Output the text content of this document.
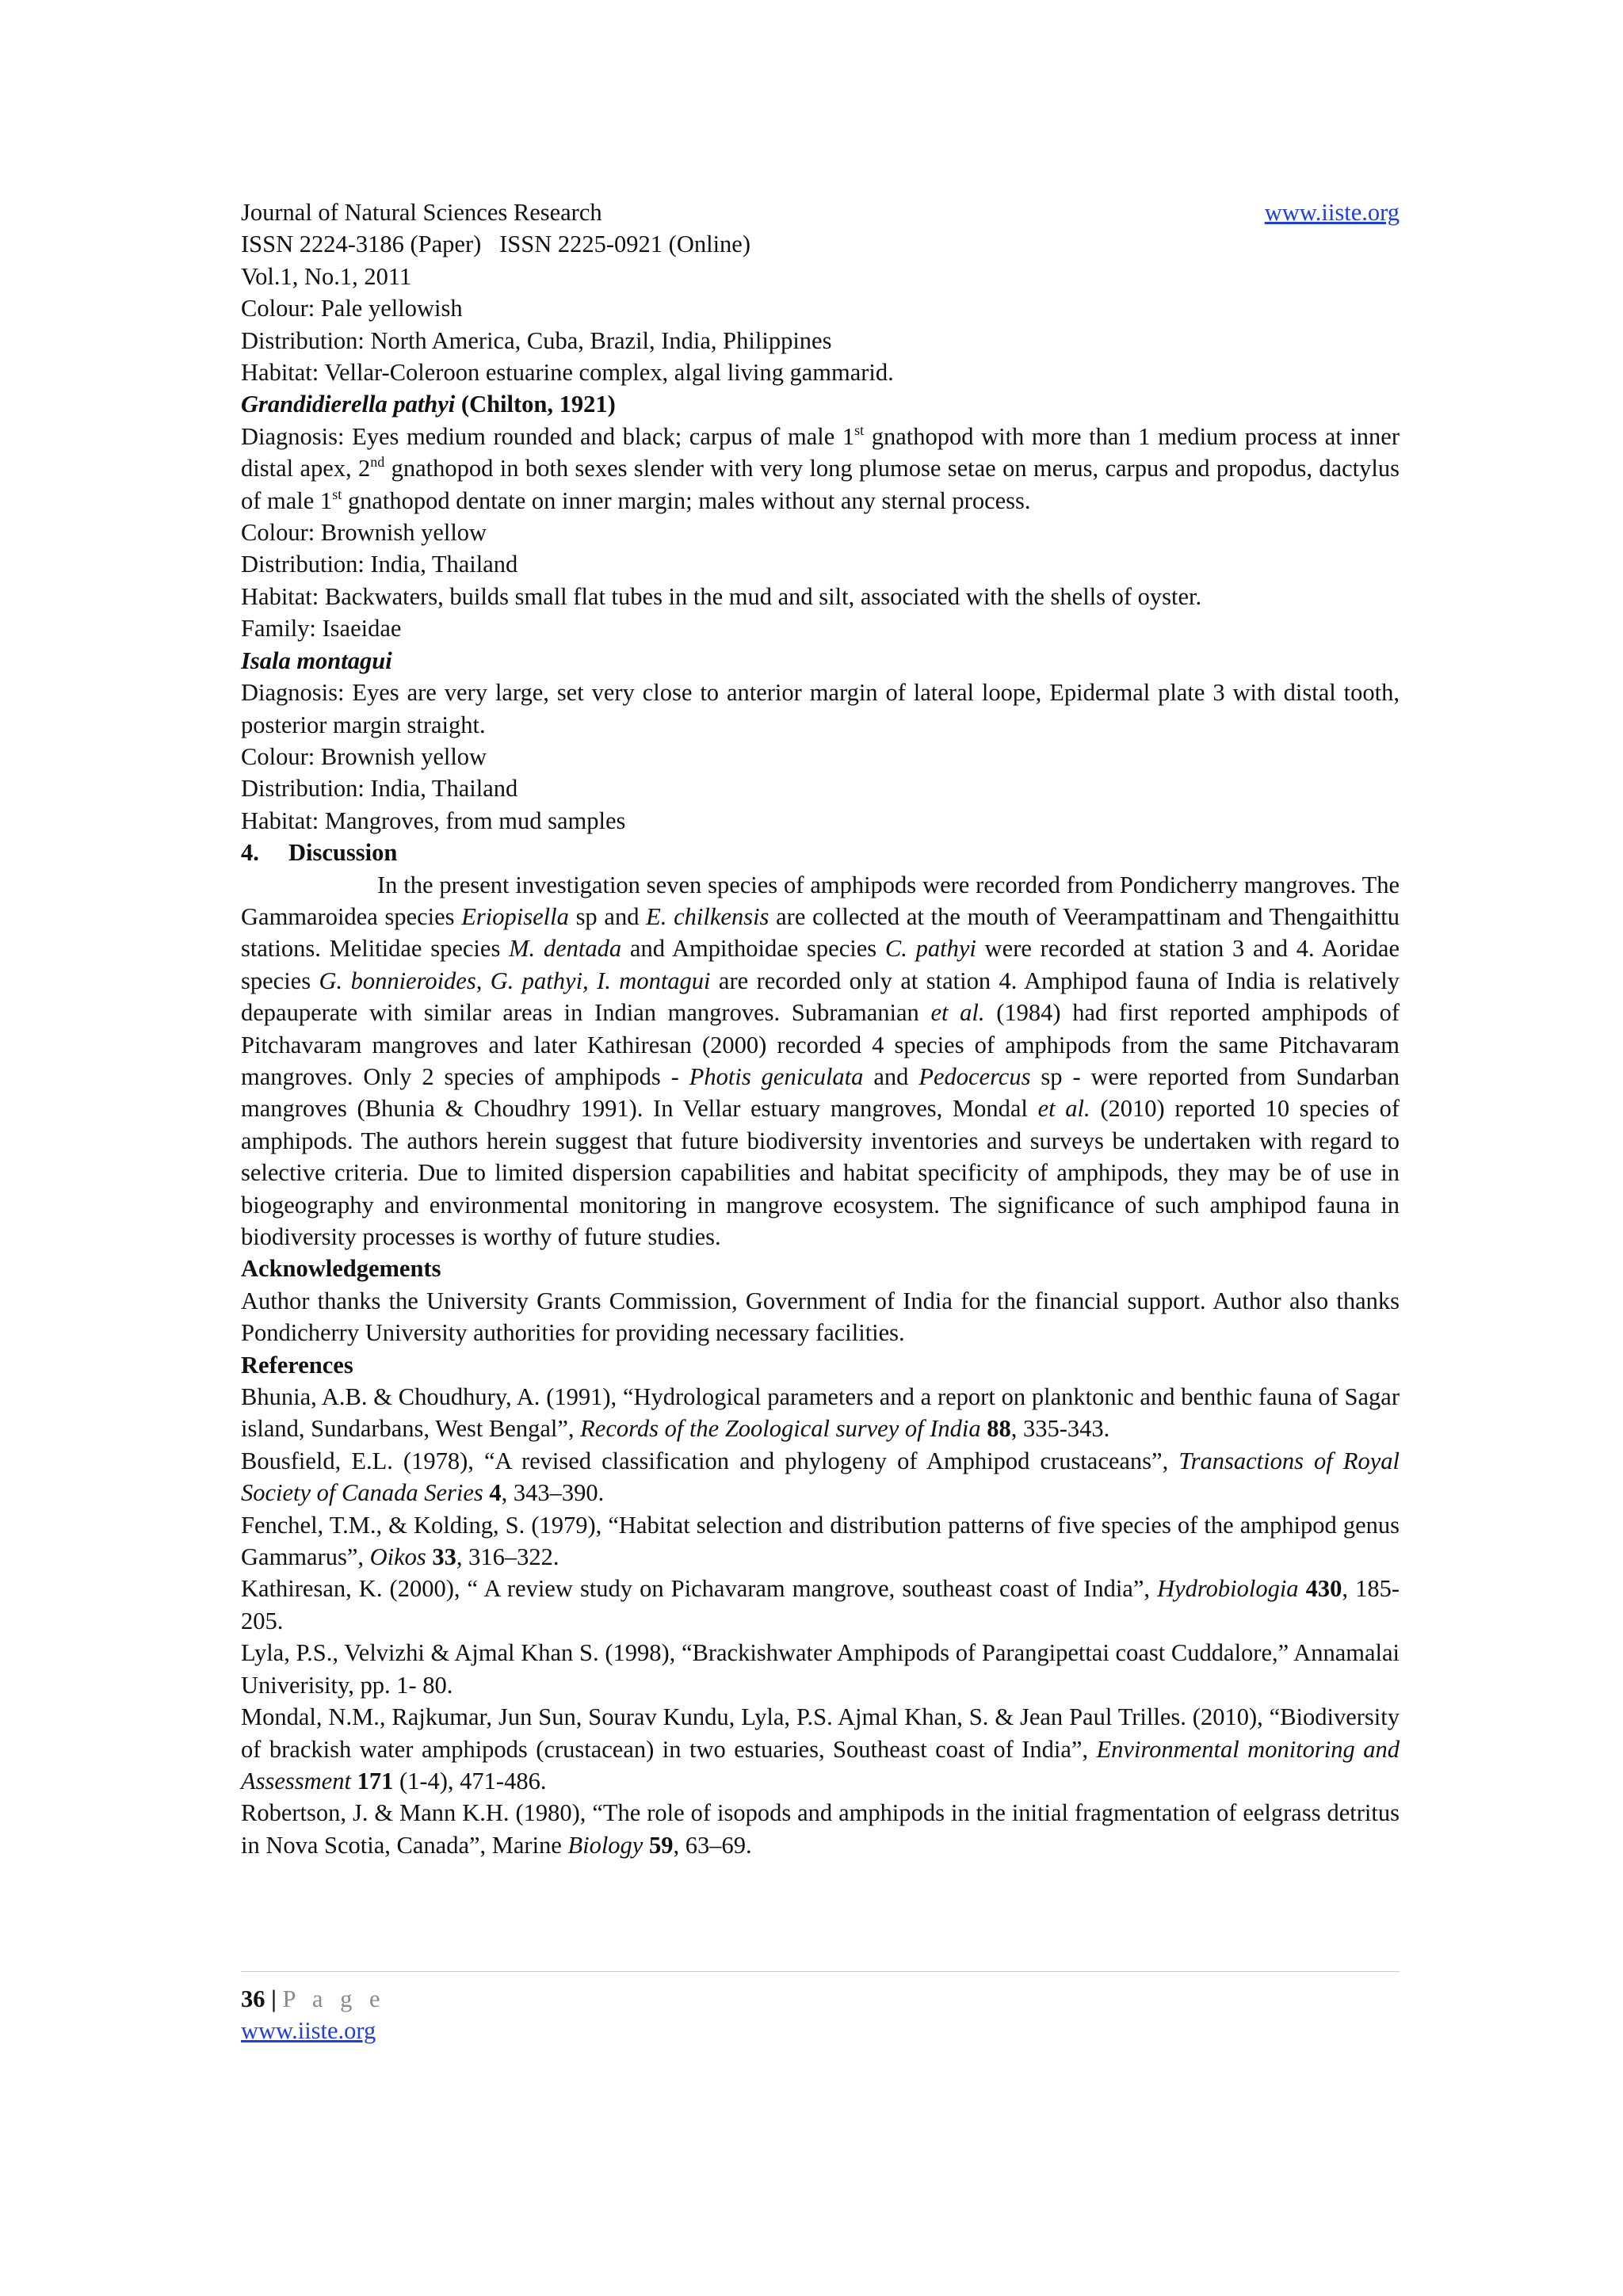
Journal of Natural Sciences Research	www.iiste.org

ISSN 2224-3186 (Paper)   ISSN 2225-0921 (Online)

Vol.1, No.1, 2011

Colour: Pale yellowish

Distribution: North America, Cuba, Brazil, India, Philippines

Habitat: Vellar-Coleroon estuarine complex, algal living gammarid.

Grandidierella pathyi (Chilton, 1921)

Diagnosis: Eyes medium rounded and black; carpus of male 1st gnathopod with more than 1 medium process at inner distal apex, 2nd gnathopod in both sexes slender with very long plumose setae on merus, carpus and propodus, dactylus of male 1st gnathopod dentate on inner margin; males without any sternal process.

Colour: Brownish yellow

Distribution: India, Thailand

Habitat: Backwaters, builds small flat tubes in the mud and silt, associated with the shells of oyster.

Family: Isaeidae

Isala montagui

Diagnosis: Eyes are very large, set very close to anterior margin of lateral loope, Epidermal plate 3 with distal tooth, posterior margin straight.

Colour: Brownish yellow

Distribution: India, Thailand

Habitat: Mangroves, from mud samples

4. Discussion

In the present investigation seven species of amphipods were recorded from Pondicherry mangroves. The Gammaroidea species Eriopisella sp and E. chilkensis are collected at the mouth of Veerampattinam and Thengaithittu stations. Melitidae species M. dentada and Ampithoidae species C. pathyi were recorded at station 3 and 4. Aoridae species G. bonnieroides, G. pathyi, I. montagui are recorded only at station 4. Amphipod fauna of India is relatively depauperate with similar areas in Indian mangroves. Subramanian et al. (1984) had first reported amphipods of Pitchavaram mangroves and later Kathiresan (2000) recorded 4 species of amphipods from the same Pitchavaram mangroves. Only 2 species of amphipods - Photis geniculata and Pedocercus sp - were reported from Sundarban mangroves (Bhunia & Choudhry 1991). In Vellar estuary mangroves, Mondal et al. (2010) reported 10 species of amphipods. The authors herein suggest that future biodiversity inventories and surveys be undertaken with regard to selective criteria. Due to limited dispersion capabilities and habitat specificity of amphipods, they may be of use in biogeography and environmental monitoring in mangrove ecosystem. The significance of such amphipod fauna in biodiversity processes is worthy of future studies.

Acknowledgements

Author thanks the University Grants Commission, Government of India for the financial support. Author also thanks Pondicherry University authorities for providing necessary facilities.

References

Bhunia, A.B. & Choudhury, A. (1991), “Hydrological parameters and a report on planktonic and benthic fauna of Sagar island, Sundarbans, West Bengal”, Records of the Zoological survey of India 88, 335-343.

Bousfield, E.L. (1978), “A revised classification and phylogeny of Amphipod crustaceans”, Transactions of Royal Society of Canada Series 4, 343–390.

Fenchel, T.M., & Kolding, S. (1979), “Habitat selection and distribution patterns of five species of the amphipod genus Gammarus”, Oikos 33, 316–322.

Kathiresan, K. (2000), “ A review study on Pichavaram mangrove, southeast coast of India”, Hydrobiologia 430, 185-205.

Lyla, P.S., Velvizhi & Ajmal Khan S. (1998), “Brackishwater Amphipods of Parangipettai coast Cuddalore,” Annamalai Univerisity, pp. 1- 80.

Mondal, N.M., Rajkumar, Jun Sun, Sourav Kundu, Lyla, P.S. Ajmal Khan, S. & Jean Paul Trilles. (2010), “Biodiversity of brackish water amphipods (crustacean) in two estuaries, Southeast coast of India”, Environmental monitoring and Assessment 171 (1-4), 471-486.

Robertson, J. & Mann K.H. (1980), “The role of isopods and amphipods in the initial fragmentation of eelgrass detritus in Nova Scotia, Canada”, Marine Biology 59, 63–69.

36 | P a g e
www.iiste.org
